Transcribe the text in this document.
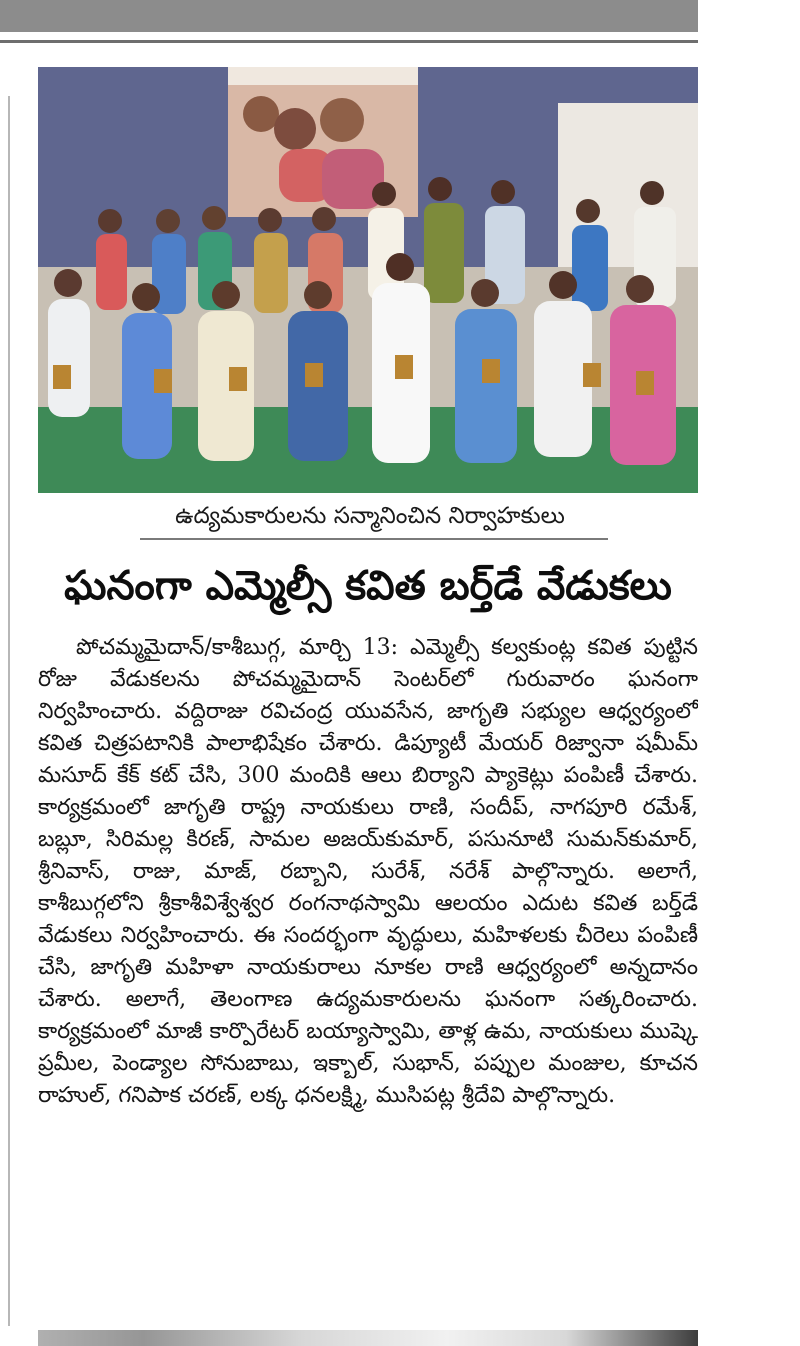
ఉద్యమకారులను సన్మానించిన నిర్వాహకులు
ఘనంగా ఎమ్మెల్సీ కవిత బర్త్‌డే వేడుకలు
పోచమ్మమైదాన్/కాశీబుగ్గ, మార్చి 13: ఎమ్మెల్సీ కల్వకుంట్ల కవిత పుట్టిన రోజు వేడుకలను పోచమ్మమైదాన్ సెంటర్‌లో గురువారం ఘనంగా నిర్వహించారు. వద్దిరాజు రవిచంద్ర యువసేన, జాగృతి సభ్యుల ఆధ్వర్యంలో కవిత చిత్రపటానికి పాలాభిషేకం చేశారు. డిప్యూటీ మేయర్ రిజ్వానా షమీమ్ మసూద్ కేక్ కట్ చేసి, 300 మందికి ఆలు బిర్యాని ప్యాకెట్లు పంపిణీ చేశారు. కార్యక్రమంలో జాగృతి రాష్ట్ర నాయకులు రాణి, సందీప్, నాగపూరి రమేశ్, బబ్లూ, సిరిమల్ల కిరణ్, సామల అజయ్‌కుమార్, పసునూటి సుమన్‌కుమార్, శ్రీనివాస్, రాజు, మాజ్, రబ్బాని, సురేశ్, నరేశ్ పాల్గొన్నారు. అలాగే, కాశీబుగ్గలోని శ్రీకాశీవిశ్వేశ్వర రంగనాథస్వామి ఆలయం ఎదుట కవిత బర్త్‌డే వేడుకలు నిర్వహించారు. ఈ సందర్భంగా వృద్ధులు, మహిళలకు చీరెలు పంపిణీ చేసి, జాగృతి మహిళా నాయకురాలు నూకల రాణి ఆధ్వర్యంలో అన్నదానం చేశారు. అలాగే, తెలంగాణ ఉద్యమకారులను ఘనంగా సత్కరించారు. కార్యక్రమంలో మాజీ కార్పొరేటర్ బయ్యాస్వామి, తాళ్ల ఉమ, నాయకులు ముష్కె ప్రమీల, పెండ్యాల సోనుబాబు, ఇక్బాల్, సుభాన్, పప్పుల మంజుల, కూచన రాహుల్, గనిపాక చరణ్, లక్క ధనలక్ష్మి, ముసిపట్ల శ్రీదేవి పాల్గొన్నారు.
